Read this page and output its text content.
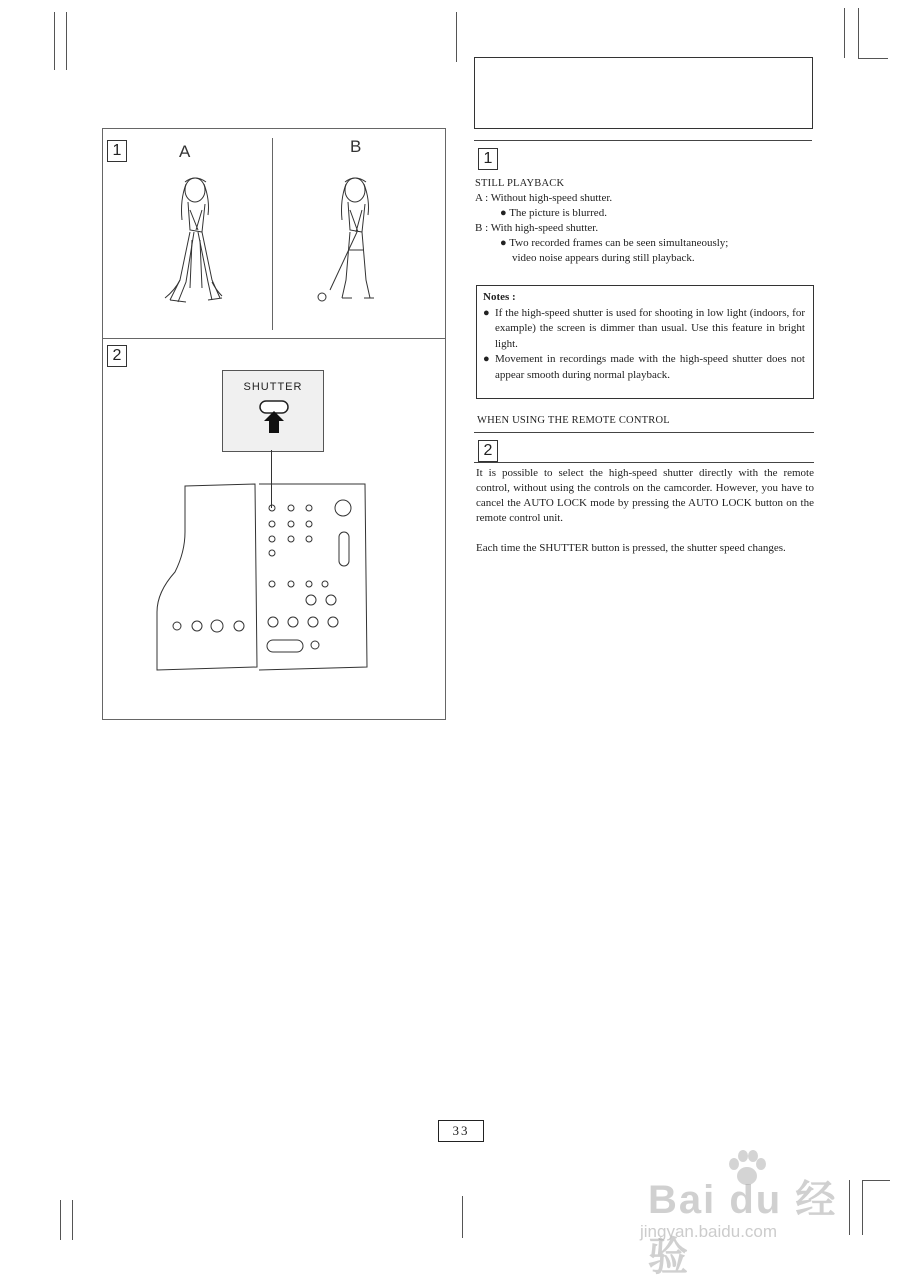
1
2
A	B
SHUTTER
1
STILL PLAYBACK
A : Without high-speed shutter.
● The picture is blurred.
B : With high-speed shutter.
● Two recorded frames can be seen simultaneously;
video noise appears during still playback.
Notes :
● If the high-speed shutter is used for shooting in low light (indoors, for example) the screen is dimmer than usual. Use this feature in bright light.
● Movement in recordings made with the high-speed shutter does not appear smooth during normal playback.
WHEN USING THE REMOTE CONTROL
2
It is possible to select the high-speed shutter directly with the remote control, without using the controls on the camcorder. However, you have to cancel the AUTO LOCK mode by pressing the AUTO LOCK button on the remote control unit.
Each time the SHUTTER button is pressed, the shutter speed changes.
33
Bai du 经验
jingyan.baidu.com
